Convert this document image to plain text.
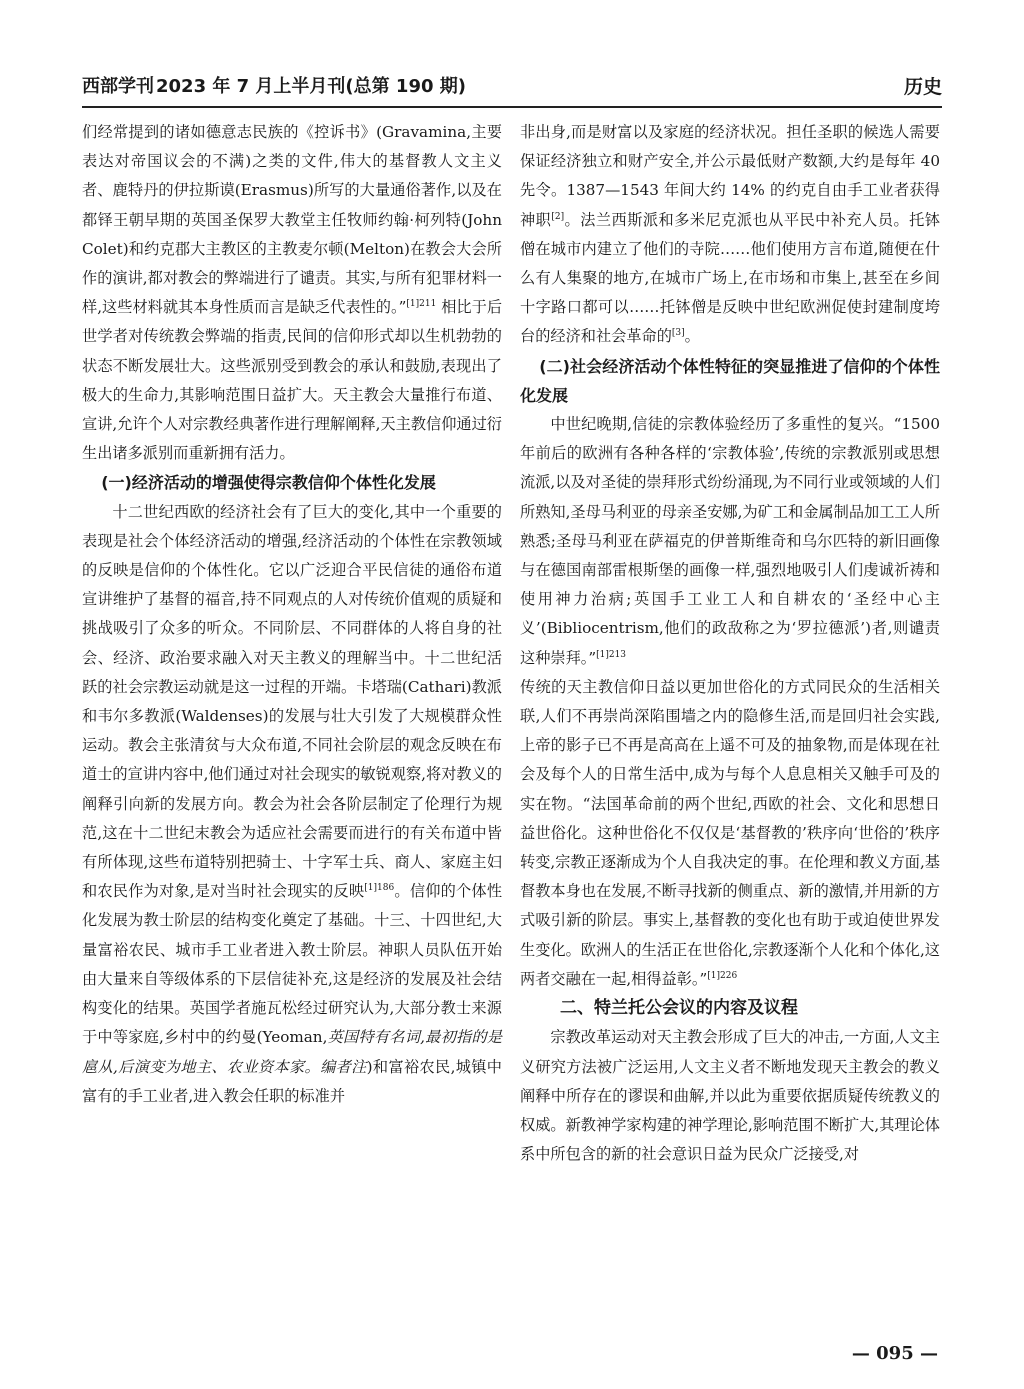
西部学刊 2023 年 7 月上半月刊(总第 190 期)	历史

们经常提到的诸如德意志民族的《控诉书》(Gravamina,主要表达对帝国议会的不满)之类的文件,伟大的基督教人文主义者、鹿特丹的伊拉斯谟(Erasmus)所写的大量通俗著作,以及在都铎王朝早期的英国圣保罗大教堂主任牧师约翰·柯列特(John Colet)和约克郡大主教区的主教麦尔顿(Melton)在教会大会所作的演讲,都对教会的弊端进行了谴责。其实,与所有犯罪材料一样,这些材料就其本身性质而言是缺乏代表性的。”$^{[1]211}$ 相比于后世学者对传统教会弊端的指责,民间的信仰形式却以生机勃勃的状态不断发展壮大。这些派别受到教会的承认和鼓励,表现出了极大的生命力,其影响范围日益扩大。天主教会大量推行布道、宣讲,允许个人对宗教经典著作进行理解阐释,天主教信仰通过衍生出诸多派别而重新拥有活力。

(一)经济活动的增强使得宗教信仰个体性化发展

十二世纪西欧的经济社会有了巨大的变化,其中一个重要的表现是社会个体经济活动的增强,经济活动的个体性在宗教领域的反映是信仰的个体性化。它以广泛迎合平民信徒的通俗布道宣讲维护了基督的福音,持不同观点的人对传统价值观的质疑和挑战吸引了众多的听众。不同阶层、不同群体的人将自身的社会、经济、政治要求融入对天主教义的理解当中。十二世纪活跃的社会宗教运动就是这一过程的开端。卡塔瑞(Cathari)教派和韦尔多教派(Waldenses)的发展与壮大引发了大规模群众性运动。教会主张清贫与大众布道,不同社会阶层的观念反映在布道士的宣讲内容中,他们通过对社会现实的敏锐观察,将对教义的阐释引向新的发展方向。教会为社会各阶层制定了伦理行为规范,这在十二世纪末教会为适应社会需要而进行的有关布道中皆有所体现,这些布道特别把骑士、十字军士兵、商人、家庭主妇和农民作为对象,是对当时社会现实的反映$^{[1]186}$。信仰的个体性化发展为教士阶层的结构变化奠定了基础。十三、十四世纪,大量富裕农民、城市手工业者进入教士阶层。神职人员队伍开始由大量来自等级体系的下层信徒补充,这是经济的发展及社会结构变化的结果。英国学者施瓦松经过研究认为,大部分教士来源于中等家庭,乡村中的约曼(Yeoman,英国特有名词,最初指的是扈从,后演变为地主、农业资本家。编者注)和富裕农民,城镇中富有的手工业者,进入教会任职的标准并

非出身,而是财富以及家庭的经济状况。担任圣职的候选人需要保证经济独立和财产安全,并公示最低财产数额,大约是每年 40 先令。1387—1543 年间大约 14% 的约克自由手工业者获得神职[2]。法兰西斯派和多米尼克派也从平民中补充人员。托钵僧在城市内建立了他们的寺院……他们使用方言布道,随便在什么有人集聚的地方,在城市广场上,在市场和市集上,甚至在乡间十字路口都可以……托钵僧是反映中世纪欧洲促使封建制度垮台的经济和社会革命的[3]。

(二)社会经济活动个体性特征的突显推进了信仰的个体性化发展

中世纪晚期,信徒的宗教体验经历了多重性的复兴。“1500 年前后的欧洲有各种各样的‘宗教体验’,传统的宗教派别或思想流派,以及对圣徒的崇拜形式纷纷涌现,为不同行业或领域的人们所熟知,圣母马利亚的母亲圣安娜,为矿工和金属制品加工工人所熟悉;圣母马利亚在萨福克的伊普斯维奇和乌尔匹特的新旧画像与在德国南部雷根斯堡的画像一样,强烈地吸引人们虔诚祈祷和使用神力治病;英国手工业工人和自耕农的‘圣经中心主义’(Bibliocentrism,他们的政敌称之为‘罗拉德派’)者,则谴责这种崇拜。”$^{[1]213}$

传统的天主教信仰日益以更加世俗化的方式同民众的生活相关联,人们不再崇尚深陷围墙之内的隐修生活,而是回归社会实践,上帝的影子已不再是高高在上遥不可及的抽象物,而是体现在社会及每个人的日常生活中,成为与每个人息息相关又触手可及的实在物。“法国革命前的两个世纪,西欧的社会、文化和思想日益世俗化。这种世俗化不仅仅是‘基督教的’秩序向‘世俗的’秩序转变,宗教正逐渐成为个人自我决定的事。在伦理和教义方面,基督教本身也在发展,不断寻找新的侧重点、新的激情,并用新的方式吸引新的阶层。事实上,基督教的变化也有助于或迫使世界发生变化。欧洲人的生活正在世俗化,宗教逐渐个人化和个体化,这两者交融在一起,相得益彰。”$^{[1]226}$

二、特兰托公会议的内容及议程

宗教改革运动对天主教会形成了巨大的冲击,一方面,人文主义研究方法被广泛运用,人文主义者不断地发现天主教会的教义阐释中所存在的谬误和曲解,并以此为重要依据质疑传统教义的权威。新教神学家构建的神学理论,影响范围不断扩大,其理论体系中所包含的新的社会意识日益为民众广泛接受,对

— 095 —
